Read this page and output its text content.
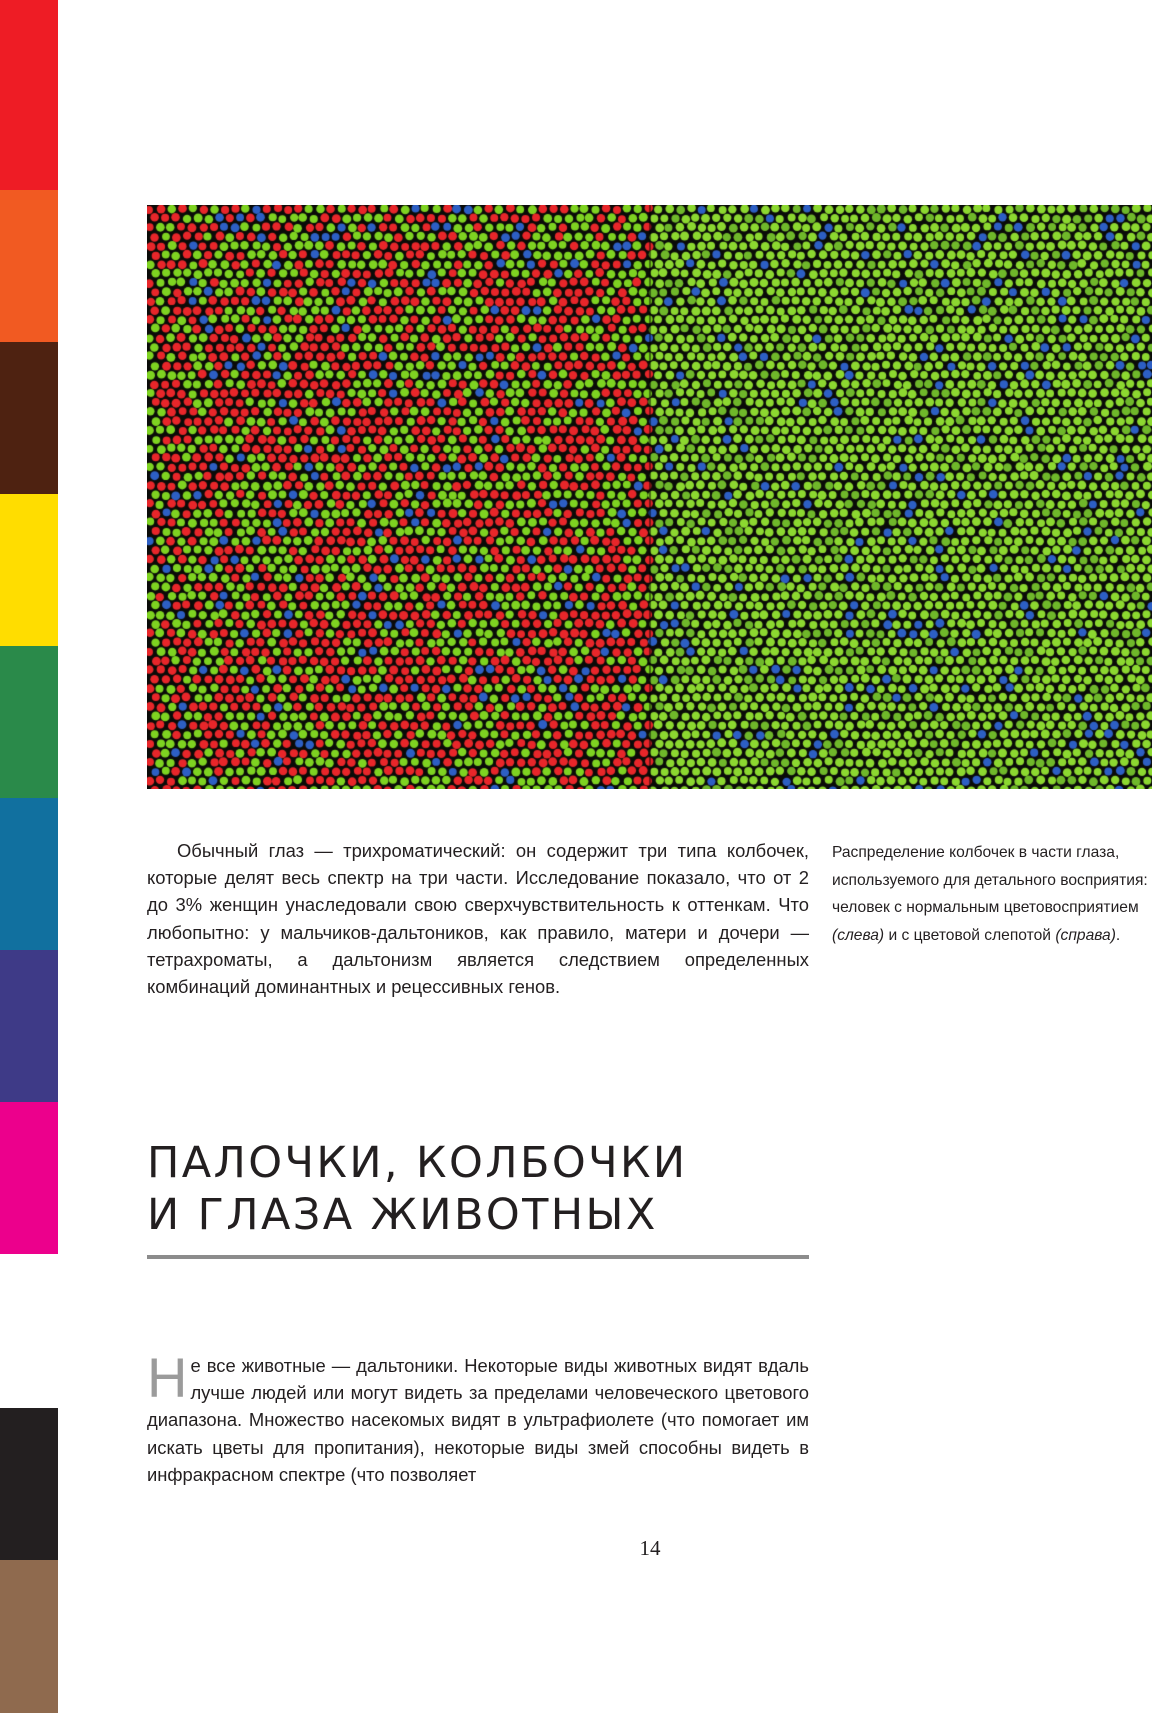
Обычный глаз — трихроматический: он содержит три типа колбочек, которые делят весь спектр на три части. Исследование показало, что от 2 до 3% женщин унаследовали свою сверхчувствительность к оттенкам. Что любопытно: у мальчиков-дальтоников, как правило, матери и дочери — тетрахроматы, а дальтонизм является следствием определенных комбинаций доминантных и рецессивных генов.

Распределение колбочек в части глаза, используемого для детального восприятия: человек с нормальным цветовосприятием (слева) и с цветовой слепотой (справа).

ПАЛОЧКИ, КОЛБОЧКИ
И ГЛАЗА ЖИВОТНЫХ

Не все животные — дальтоники. Некоторые виды животных видят вдаль лучше людей или могут видеть за пределами человеческого цветового диапазона. Множество насекомых видят в ультрафиолете (что помогает им искать цветы для пропитания), некоторые виды змей способны видеть в инфракрасном спектре (что позволяет

14
